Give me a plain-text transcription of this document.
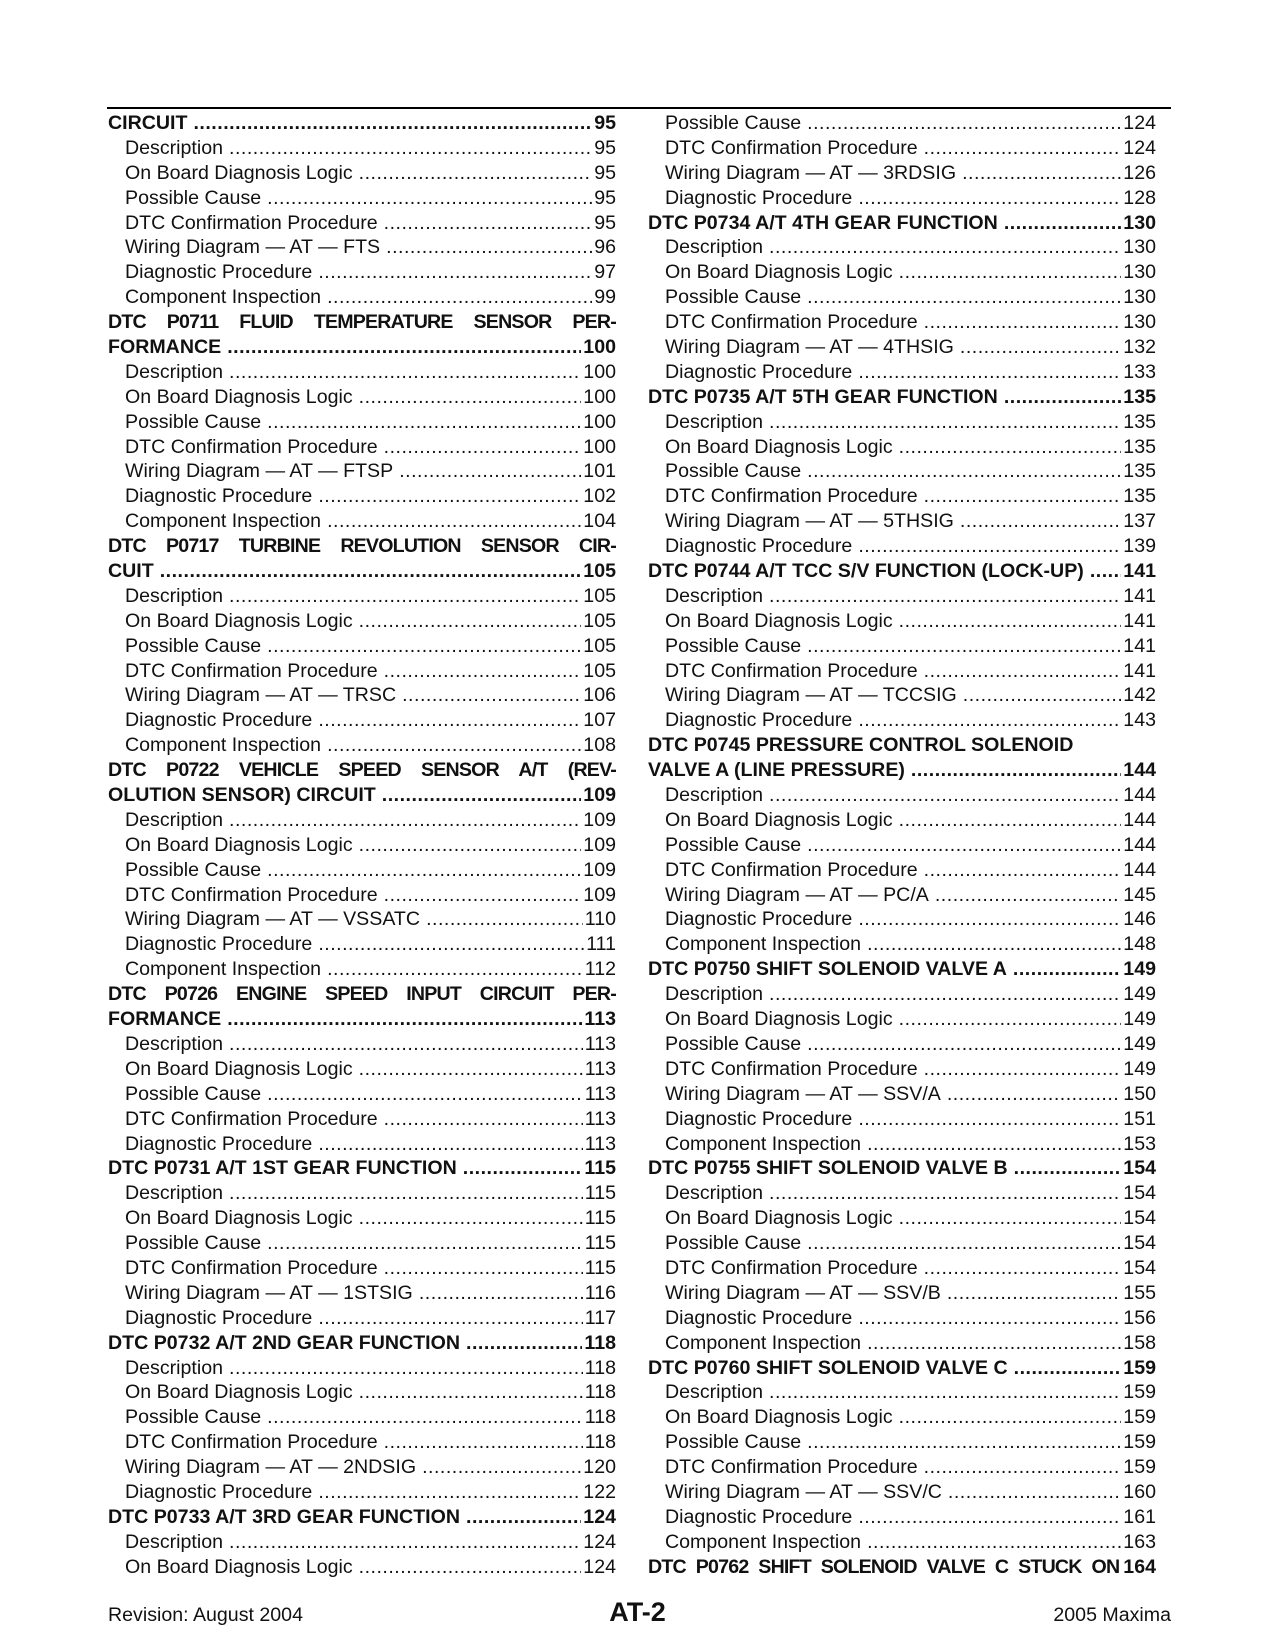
CIRCUIT .....	95
Description .....	95
On Board Diagnosis Logic .....	95
Possible Cause .....	95
DTC Confirmation Procedure .....	95
Wiring Diagram — AT — FTS .....	96
Diagnostic Procedure .....	97
Component Inspection .....	99
DTC P0711 FLUID TEMPERATURE SENSOR PER-
FORMANCE .....	100
Description .....	100
On Board Diagnosis Logic .....	100
Possible Cause .....	100
DTC Confirmation Procedure .....	100
Wiring Diagram — AT — FTSP .....	101
Diagnostic Procedure .....	102
Component Inspection .....	104
DTC P0717 TURBINE REVOLUTION SENSOR CIR-
CUIT .....	105
Description .....	105
On Board Diagnosis Logic .....	105
Possible Cause .....	105
DTC Confirmation Procedure .....	105
Wiring Diagram — AT — TRSC .....	106
Diagnostic Procedure .....	107
Component Inspection .....	108
DTC P0722 VEHICLE SPEED SENSOR A/T (REV-
OLUTION SENSOR) CIRCUIT .....	109
Description .....	109
On Board Diagnosis Logic .....	109
Possible Cause .....	109
DTC Confirmation Procedure .....	109
Wiring Diagram — AT — VSSATC .....	110
Diagnostic Procedure .....	111
Component Inspection .....	112
DTC P0726 ENGINE SPEED INPUT CIRCUIT PER-
FORMANCE .....	113
Description .....	113
On Board Diagnosis Logic .....	113
Possible Cause .....	113
DTC Confirmation Procedure .....	113
Diagnostic Procedure .....	113
DTC P0731 A/T 1ST GEAR FUNCTION .....	115
Description .....	115
On Board Diagnosis Logic .....	115
Possible Cause .....	115
DTC Confirmation Procedure .....	115
Wiring Diagram — AT — 1STSIG .....	116
Diagnostic Procedure .....	117
DTC P0732 A/T 2ND GEAR FUNCTION .....	118
Description .....	118
On Board Diagnosis Logic .....	118
Possible Cause .....	118
DTC Confirmation Procedure .....	118
Wiring Diagram — AT — 2NDSIG .....	120
Diagnostic Procedure .....	122
DTC P0733 A/T 3RD GEAR FUNCTION .....	124
Description .....	124
On Board Diagnosis Logic .....	124
Possible Cause .....	124
DTC Confirmation Procedure .....	124
Wiring Diagram — AT — 3RDSIG .....	126
Diagnostic Procedure .....	128
DTC P0734 A/T 4TH GEAR FUNCTION .....	130
Description .....	130
On Board Diagnosis Logic .....	130
Possible Cause .....	130
DTC Confirmation Procedure .....	130
Wiring Diagram — AT — 4THSIG .....	132
Diagnostic Procedure .....	133
DTC P0735 A/T 5TH GEAR FUNCTION .....	135
Description .....	135
On Board Diagnosis Logic .....	135
Possible Cause .....	135
DTC Confirmation Procedure .....	135
Wiring Diagram — AT — 5THSIG .....	137
Diagnostic Procedure .....	139
DTC P0744 A/T TCC S/V FUNCTION (LOCK-UP) ..... 141
Description .....	141
On Board Diagnosis Logic .....	141
Possible Cause .....	141
DTC Confirmation Procedure .....	141
Wiring Diagram — AT — TCCSIG .....	142
Diagnostic Procedure .....	143
DTC P0745 PRESSURE CONTROL SOLENOID
VALVE A (LINE PRESSURE) .....	144
Description .....	144
On Board Diagnosis Logic .....	144
Possible Cause .....	144
DTC Confirmation Procedure .....	144
Wiring Diagram — AT — PC/A .....	145
Diagnostic Procedure .....	146
Component Inspection .....	148
DTC P0750 SHIFT SOLENOID VALVE A .....	149
Description .....	149
On Board Diagnosis Logic .....	149
Possible Cause .....	149
DTC Confirmation Procedure .....	149
Wiring Diagram — AT — SSV/A .....	150
Diagnostic Procedure .....	151
Component Inspection .....	153
DTC P0755 SHIFT SOLENOID VALVE B .....	154
Description .....	154
On Board Diagnosis Logic .....	154
Possible Cause .....	154
DTC Confirmation Procedure .....	154
Wiring Diagram — AT — SSV/B .....	155
Diagnostic Procedure .....	156
Component Inspection .....	158
DTC P0760 SHIFT SOLENOID VALVE C .....	159
Description .....	159
On Board Diagnosis Logic .....	159
Possible Cause .....	159
DTC Confirmation Procedure .....	159
Wiring Diagram — AT — SSV/C .....	160
Diagnostic Procedure .....	161
Component Inspection .....	163
DTC P0762 SHIFT SOLENOID VALVE C STUCK ON 164
Revision: August 2004	AT-2	2005 Maxima
